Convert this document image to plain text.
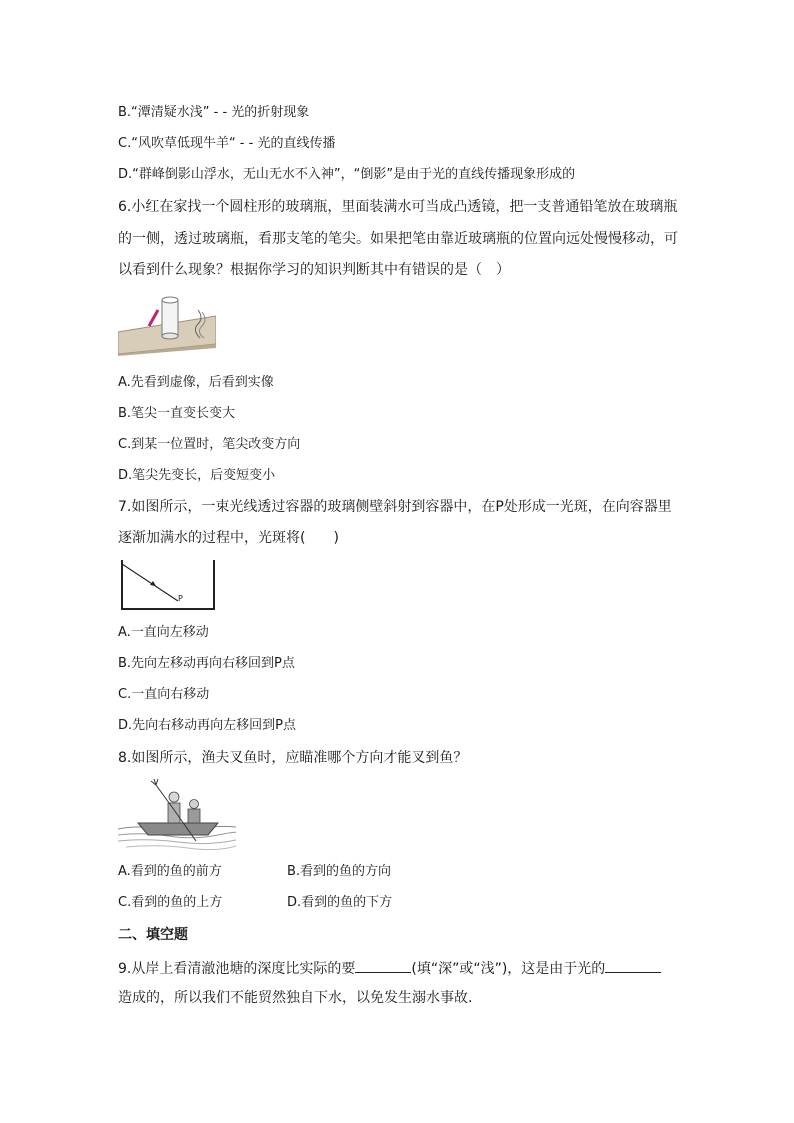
B.“潭清疑水浅” - - 光的折射现象
C.“风吹草低现牛羊“ - - 光的直线传播
D.“群峰倒影山浮水，无山无水不入神”，“倒影”是由于光的直线传播现象形成的
6.小红在家找一个圆柱形的玻璃瓶，里面装满水可当成凸透镜，把一支普通铅笔放在玻璃瓶
的一侧，透过玻璃瓶，看那支笔的笔尖。如果把笔由靠近玻璃瓶的位置向远处慢慢移动，可
以看到什么现象？根据你学习的知识判断其中有错误的是（　）
A.先看到虚像，后看到实像
B.笔尖一直变长变大
C.到某一位置时，笔尖改变方向
D.笔尖先变长，后变短变小
7.如图所示，一束光线透过容器的玻璃侧壁斜射到容器中，在P处形成一光斑，在向容器里
逐渐加满水的过程中，光斑将(　　)
P
A.一直向左移动
B.先向左移动再向右移回到P点
C.一直向右移动
D.先向右移动再向左移回到P点
8.如图所示，渔夫叉鱼时，应瞄准哪个方向才能叉到鱼？
A.看到的鱼的前方	B.看到的鱼的方向
C.看到的鱼的上方	D.看到的鱼的下方
二、填空题
9.从岸上看清澈池塘的深度比实际的要	(填“深”或“浅”)，这是由于光的
造成的，所以我们不能贸然独自下水，以免发生溺水事故.
